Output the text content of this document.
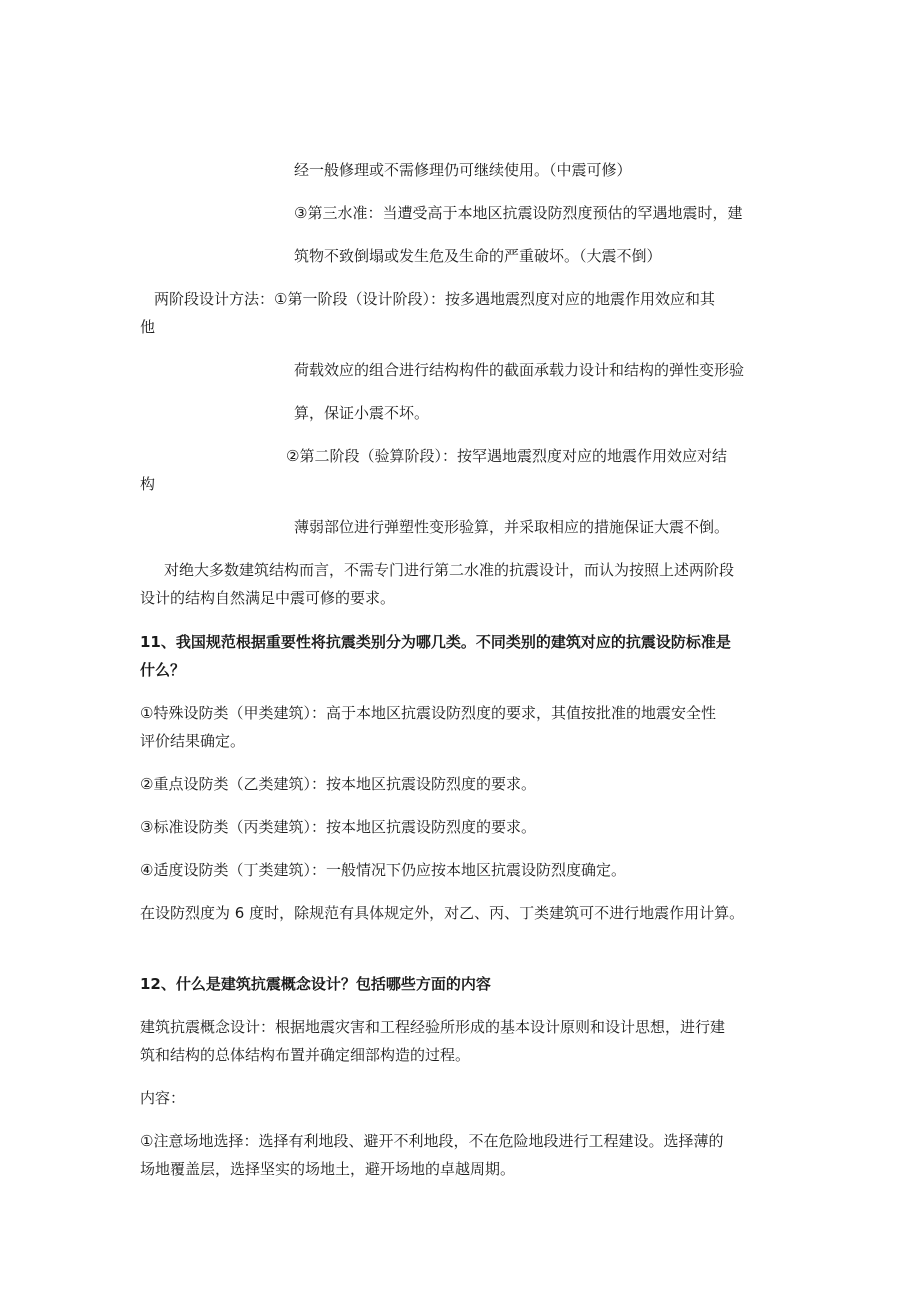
经一般修理或不需修理仍可继续使用。（中震可修）
③第三水准：当遭受高于本地区抗震设防烈度预估的罕遇地震时，建
筑物不致倒塌或发生危及生命的严重破坏。（大震不倒）
两阶段设计方法：①第一阶段（设计阶段）：按多遇地震烈度对应的地震作用效应和其
他
荷载效应的组合进行结构构件的截面承载力设计和结构的弹性变形验
算，保证小震不坏。
②第二阶段（验算阶段）：按罕遇地震烈度对应的地震作用效应对结
构
薄弱部位进行弹塑性变形验算，并采取相应的措施保证大震不倒。
对绝大多数建筑结构而言，不需专门进行第二水准的抗震设计，而认为按照上述两阶段
设计的结构自然满足中震可修的要求。
11、我国规范根据重要性将抗震类别分为哪几类。不同类别的建筑对应的抗震设防标准是
什么？
①特殊设防类（甲类建筑）：高于本地区抗震设防烈度的要求，其值按批准的地震安全性
评价结果确定。
②重点设防类（乙类建筑）：按本地区抗震设防烈度的要求。
③标准设防类（丙类建筑）：按本地区抗震设防烈度的要求。
④适度设防类（丁类建筑）：一般情况下仍应按本地区抗震设防烈度确定。
在设防烈度为 6 度时，除规范有具体规定外，对乙、丙、丁类建筑可不进行地震作用计算。
12、什么是建筑抗震概念设计？包括哪些方面的内容
建筑抗震概念设计：根据地震灾害和工程经验所形成的基本设计原则和设计思想，进行建
筑和结构的总体结构布置并确定细部构造的过程。
内容：
①注意场地选择：选择有利地段、避开不利地段，不在危险地段进行工程建设。选择薄的
场地覆盖层，选择坚实的场地土，避开场地的卓越周期。
